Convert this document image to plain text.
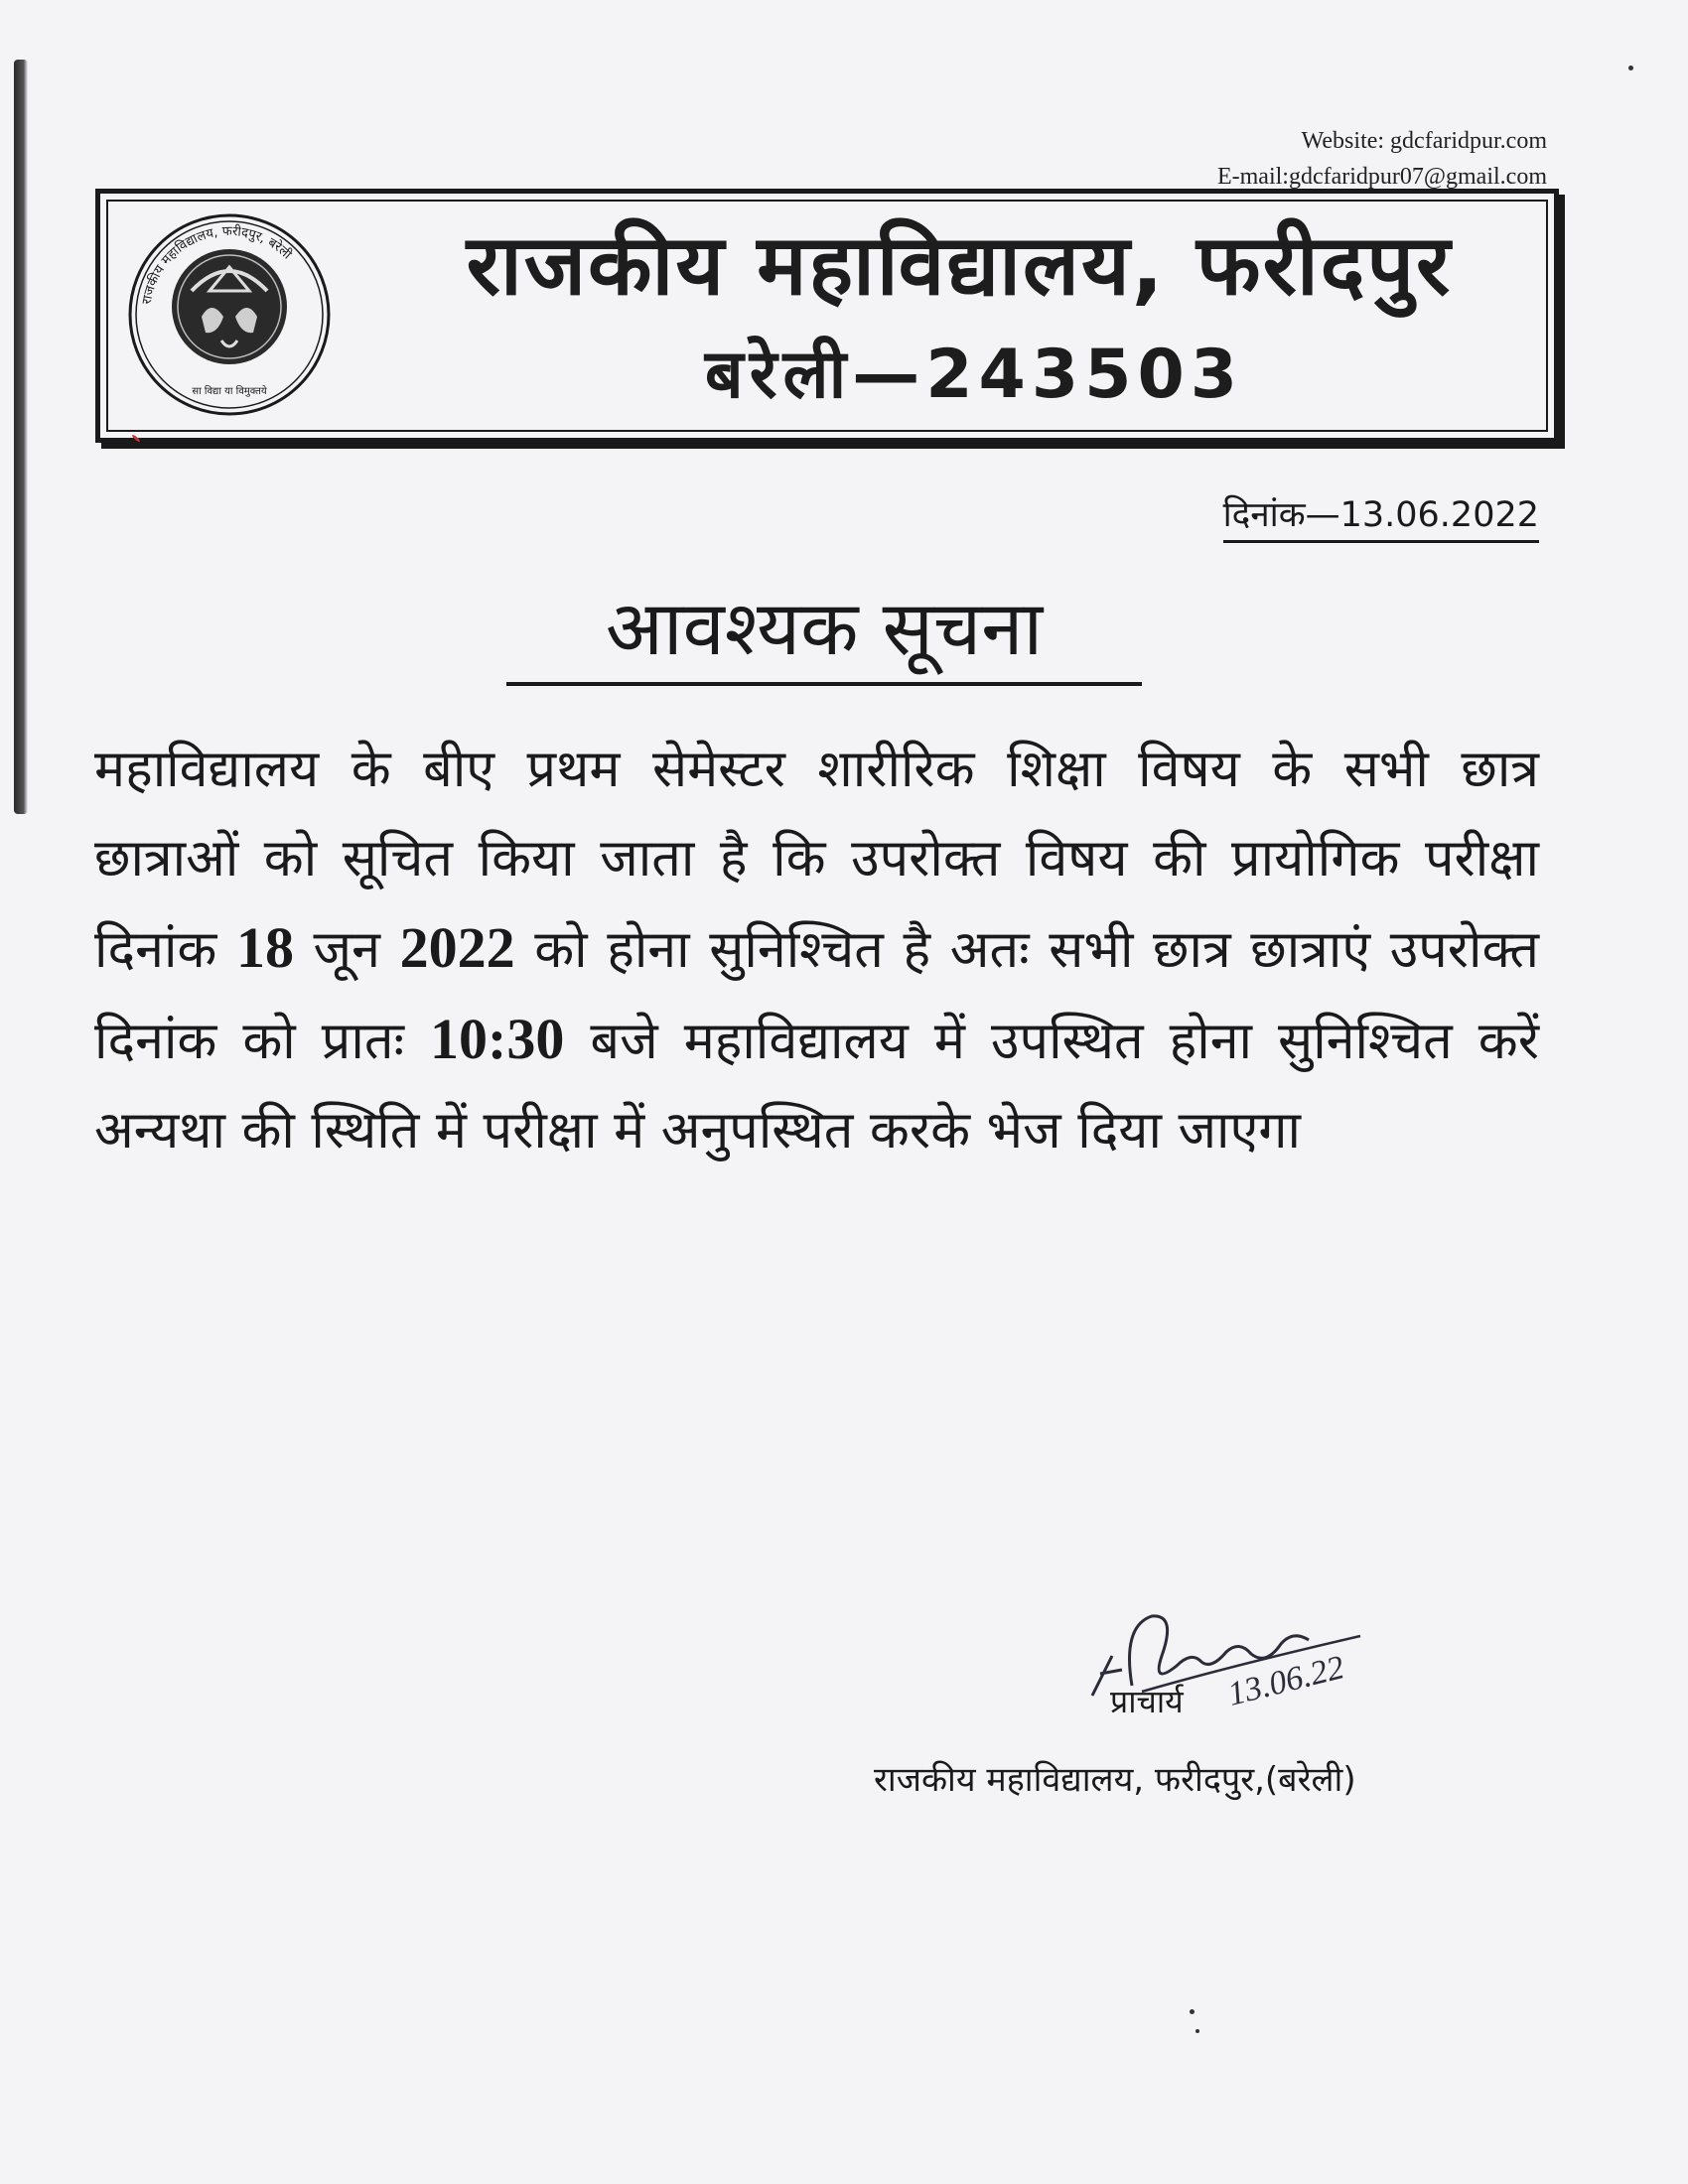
Website: gdcfaridpur.com
E-mail:gdcfaridpur07@gmail.com
राजकीय महाविद्यालय, फरीदपुर, बरेली
सा विद्या या विमुक्तये
राजकीय महाविद्यालय, फरीदपुर
बरेली—243503
दिनांक—13.06.2022
आवश्यक सूचना
महाविद्यालय के बीए प्रथम सेमेस्टर शारीरिक शिक्षा विषय के सभी छात्र छात्राओं को सूचित किया जाता है कि उपरोक्त विषय की प्रायोगिक परीक्षा दिनांक 18 जून 2022 को होना सुनिश्चित है अतः सभी छात्र छात्राएं उपरोक्त दिनांक को प्रातः 10:30 बजे महाविद्यालय में उपस्थित होना सुनिश्चित करें अन्यथा की स्थिति में परीक्षा में अनुपस्थित करके भेज दिया जाएगा
13.06.22
प्राचार्य
राजकीय महाविद्यालय, फरीदपुर,(बरेली)
